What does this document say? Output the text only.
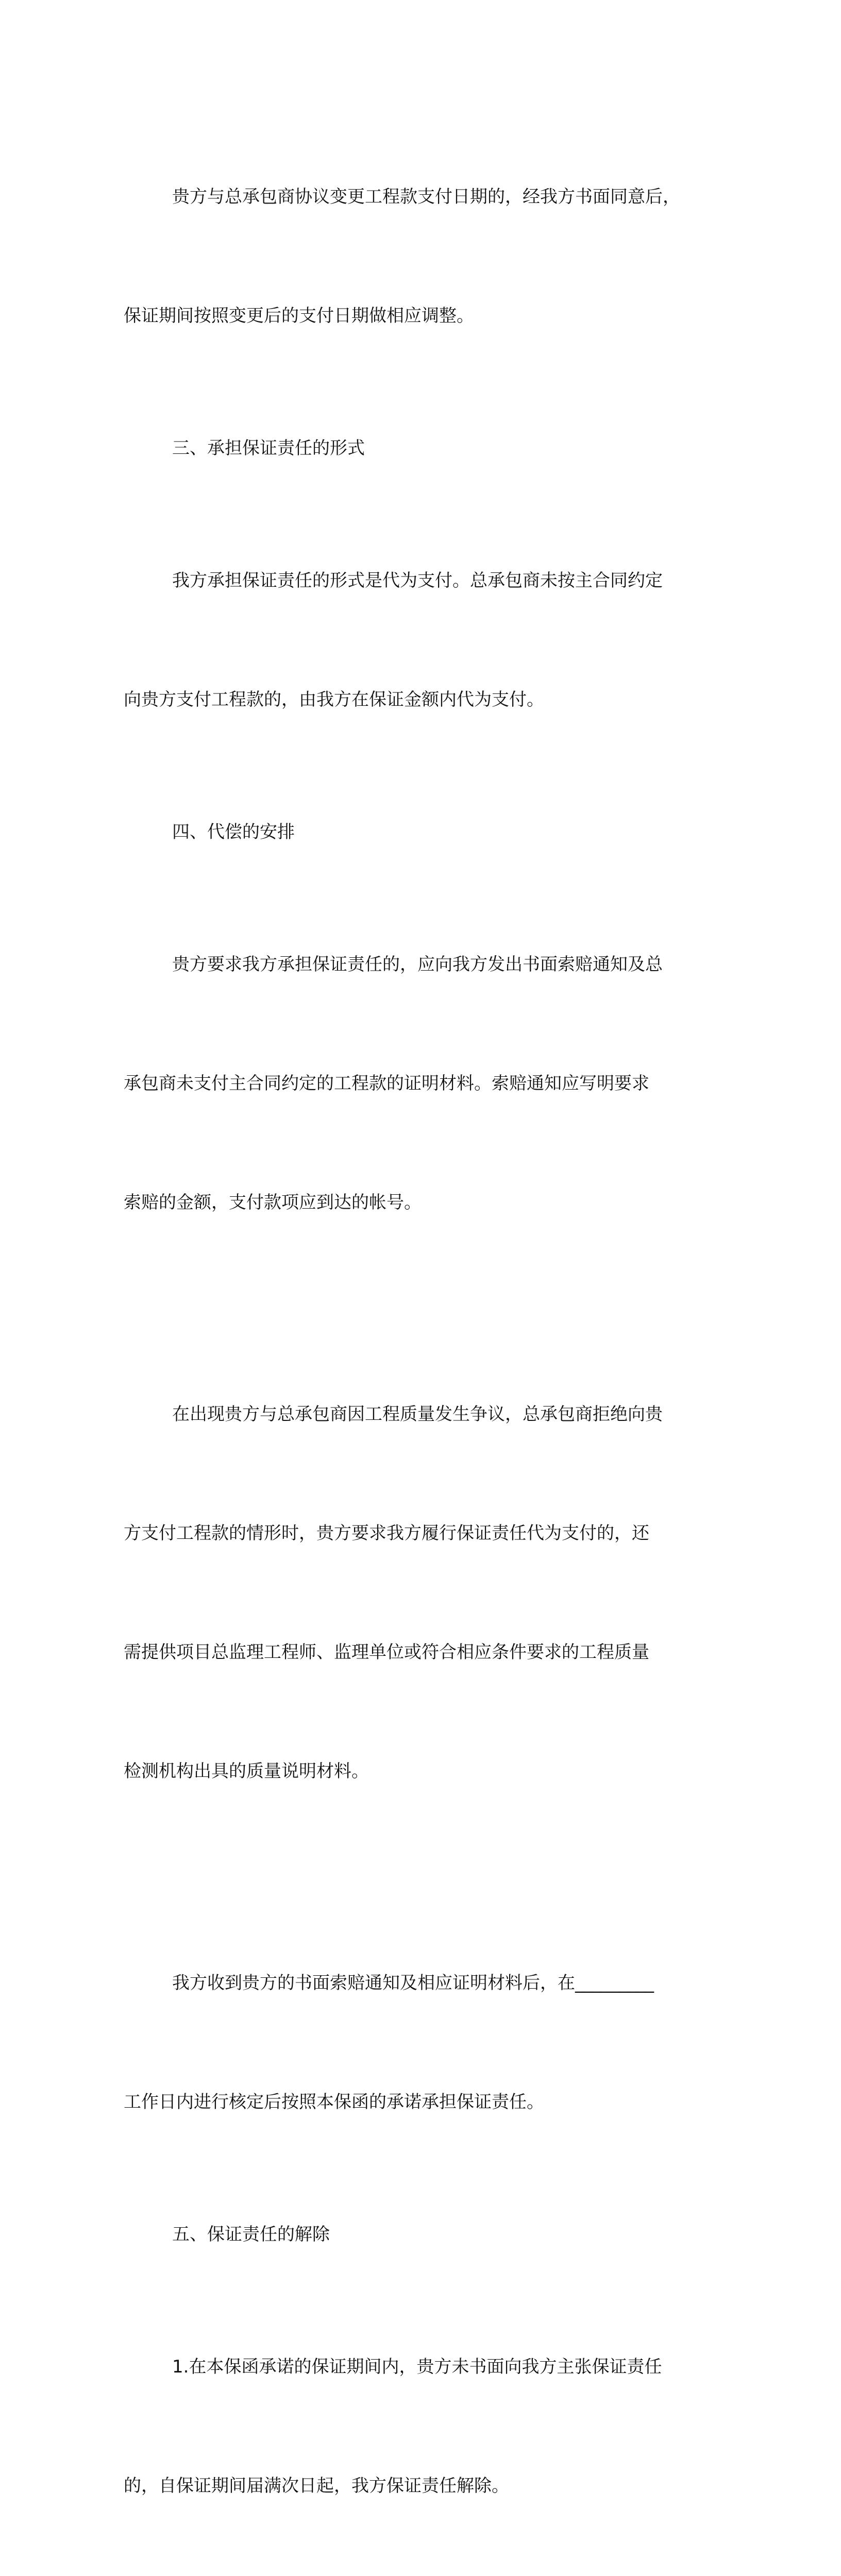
贵方与总承包商协议变更工程款支付日期的，经我方书面同意后，

保证期间按照变更后的支付日期做相应调整。

三、承担保证责任的形式

我方承担保证责任的形式是代为支付。总承包商未按主合同约定

向贵方支付工程款的，由我方在保证金额内代为支付。

四、代偿的安排

贵方要求我方承担保证责任的，应向我方发出书面索赔通知及总

承包商未支付主合同约定的工程款的证明材料。索赔通知应写明要求

索赔的金额，支付款项应到达的帐号。

在出现贵方与总承包商因工程质量发生争议，总承包商拒绝向贵

方支付工程款的情形时，贵方要求我方履行保证责任代为支付的，还

需提供项目总监理工程师、监理单位或符合相应条件要求的工程质量

检测机构出具的质量说明材料。

我方收到贵方的书面索赔通知及相应证明材料后，在_________

工作日内进行核定后按照本保函的承诺承担保证责任。

五、保证责任的解除

1.在本保函承诺的保证期间内，贵方未书面向我方主张保证责任

的，自保证期间届满次日起，我方保证责任解除。
